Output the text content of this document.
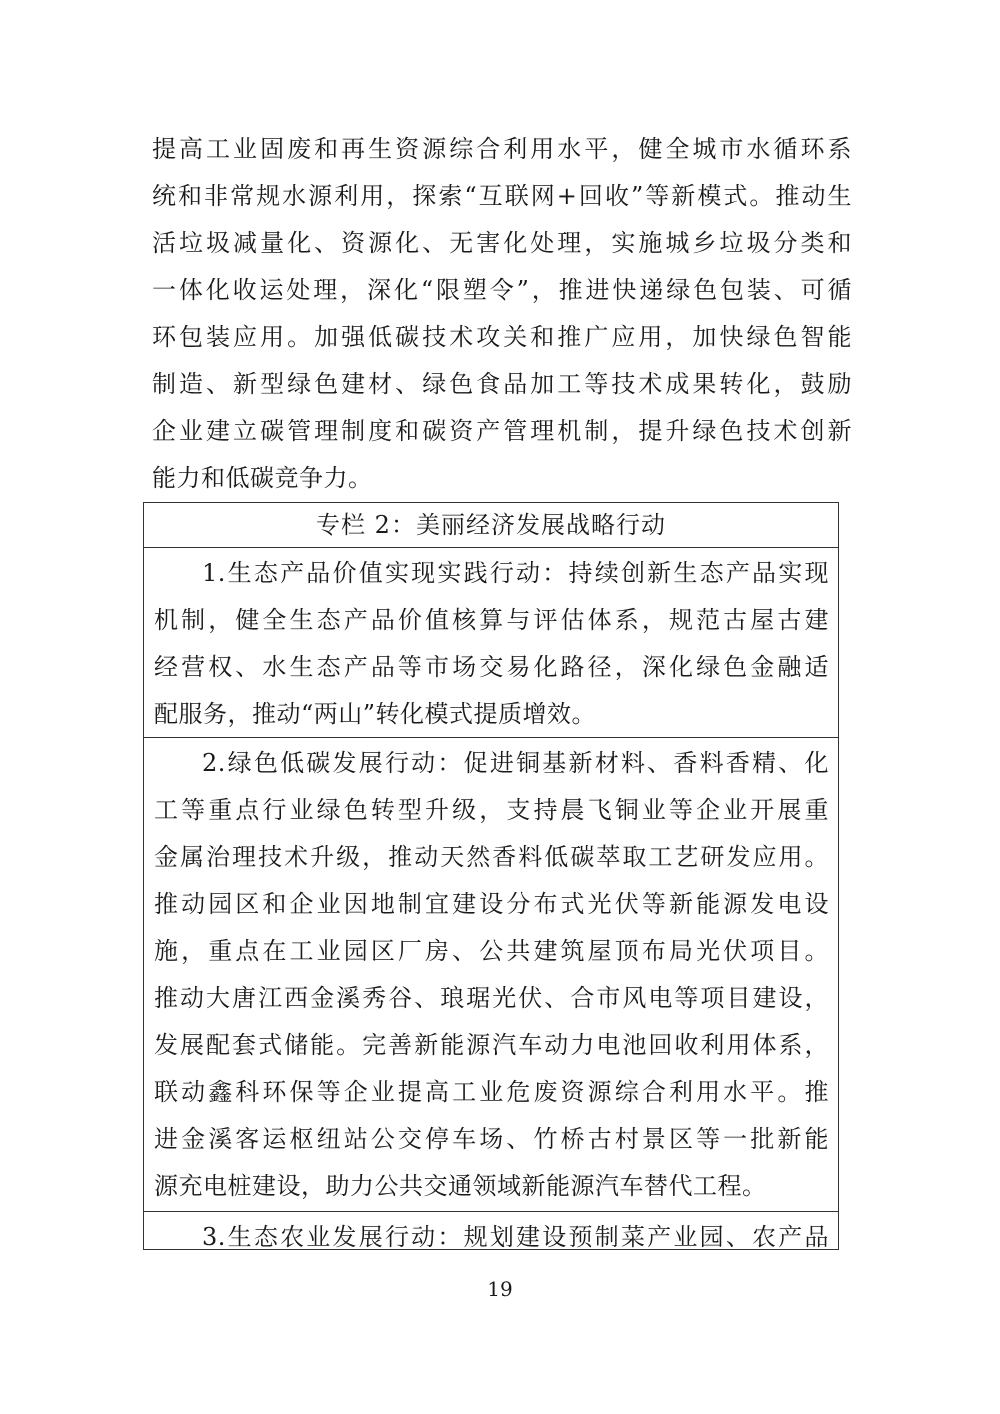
提高工业固废和再生资源综合利用水平，健全城市水循环系
统和非常规水源利用，探索“互联网+回收”等新模式。推动生
活垃圾减量化、资源化、无害化处理，实施城乡垃圾分类和
一体化收运处理，深化“限塑令”，推进快递绿色包装、可循
环包装应用。加强低碳技术攻关和推广应用，加快绿色智能
制造、新型绿色建材、绿色食品加工等技术成果转化，鼓励
企业建立碳管理制度和碳资产管理机制，提升绿色技术创新
能力和低碳竞争力。
专栏 2：美丽经济发展战略行动
1.生态产品价值实现实践行动：持续创新生态产品实现
机制，健全生态产品价值核算与评估体系，规范古屋古建
经营权、水生态产品等市场交易化路径，深化绿色金融适
配服务，推动“两山”转化模式提质增效。
2.绿色低碳发展行动：促进铜基新材料、香料香精、化
工等重点行业绿色转型升级，支持晨飞铜业等企业开展重
金属治理技术升级，推动天然香料低碳萃取工艺研发应用。
推动园区和企业因地制宜建设分布式光伏等新能源发电设
施，重点在工业园区厂房、公共建筑屋顶布局光伏项目。
推动大唐江西金溪秀谷、琅琚光伏、合市风电等项目建设，
发展配套式储能。完善新能源汽车动力电池回收利用体系，
联动鑫科环保等企业提高工业危废资源综合利用水平。推
进金溪客运枢纽站公交停车场、竹桥古村景区等一批新能
源充电桩建设，助力公共交通领域新能源汽车替代工程。
3.生态农业发展行动：规划建设预制菜产业园、农产品
19
